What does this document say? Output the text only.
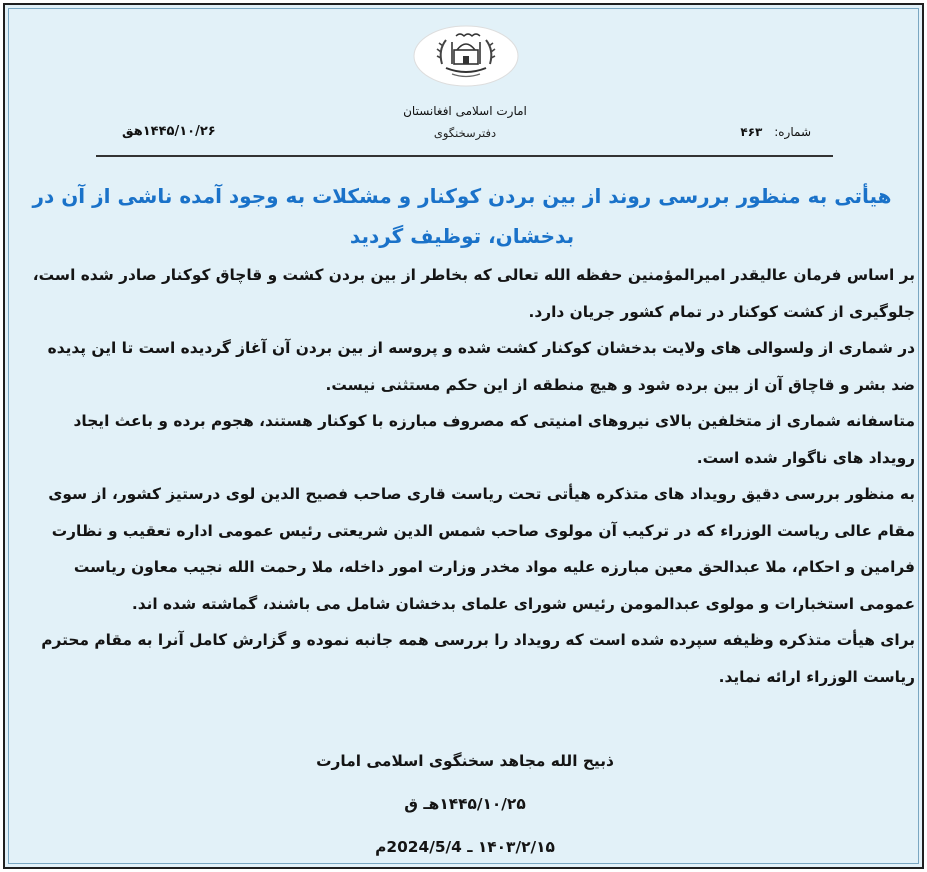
امارت اسلامی افغانستان
دفترسخنگوی	شماره: ۴۶۳
۱۴۴۵/۱۰/۲۶هق
هیأتی به منظور بررسی روند از بین بردن کوکنار و مشکلات به وجود آمده ناشی از آن در بدخشان، توظیف گردید

بر اساس فرمان عالیقدر امیرالمؤمنین حفظه الله تعالی که بخاطر از بین بردن کشت و قاچاق کوکنار صادر شده است، جلوگیری از کشت کوکنار در تمام کشور جریان دارد.

در شماری از ولسوالی های ولایت بدخشان کوکنار کشت شده و پروسه از بین بردن آن آغاز گردیده است تا این پدیده ضد بشر و قاچاق آن از بین برده شود و هیچ منطقه از این حکم مستثنی نیست.

متاسفانه شماری از متخلفین بالای نیروهای امنیتی که مصروف مبارزه با کوکنار هستند، هجوم برده و باعث ایجاد رویداد های ناگوار شده است.

به منظور بررسی دقیق رویداد های متذکره هیأتی تحت ریاست قاری صاحب فصیح الدین لوی درستیز کشور، از سوی مقام عالی ریاست الوزراء که در ترکیب آن مولوی صاحب شمس الدین شریعتی رئیس عمومی اداره تعقیب و نظارت فرامین و احکام، ملا عبدالحق معین مبارزه علیه مواد مخدر وزارت امور داخله، ملا رحمت الله نجیب معاون ریاست عمومی استخبارات و مولوی عبدالمومن رئیس شورای علمای بدخشان شامل می باشند، گماشته شده اند.

برای هیأت متذکره وظیفه سپرده شده است که رویداد را بررسی همه جانبه نموده و گزارش کامل آنرا به مقام محترم ریاست الوزراء ارائه نماید.

ذبیح الله مجاهد سخنگوی اسلامی امارت
۱۴۴۵/۱۰/۲۵هـ ق
۱۴۰۳/۲/۱۵ ـ 2024/5/4م
